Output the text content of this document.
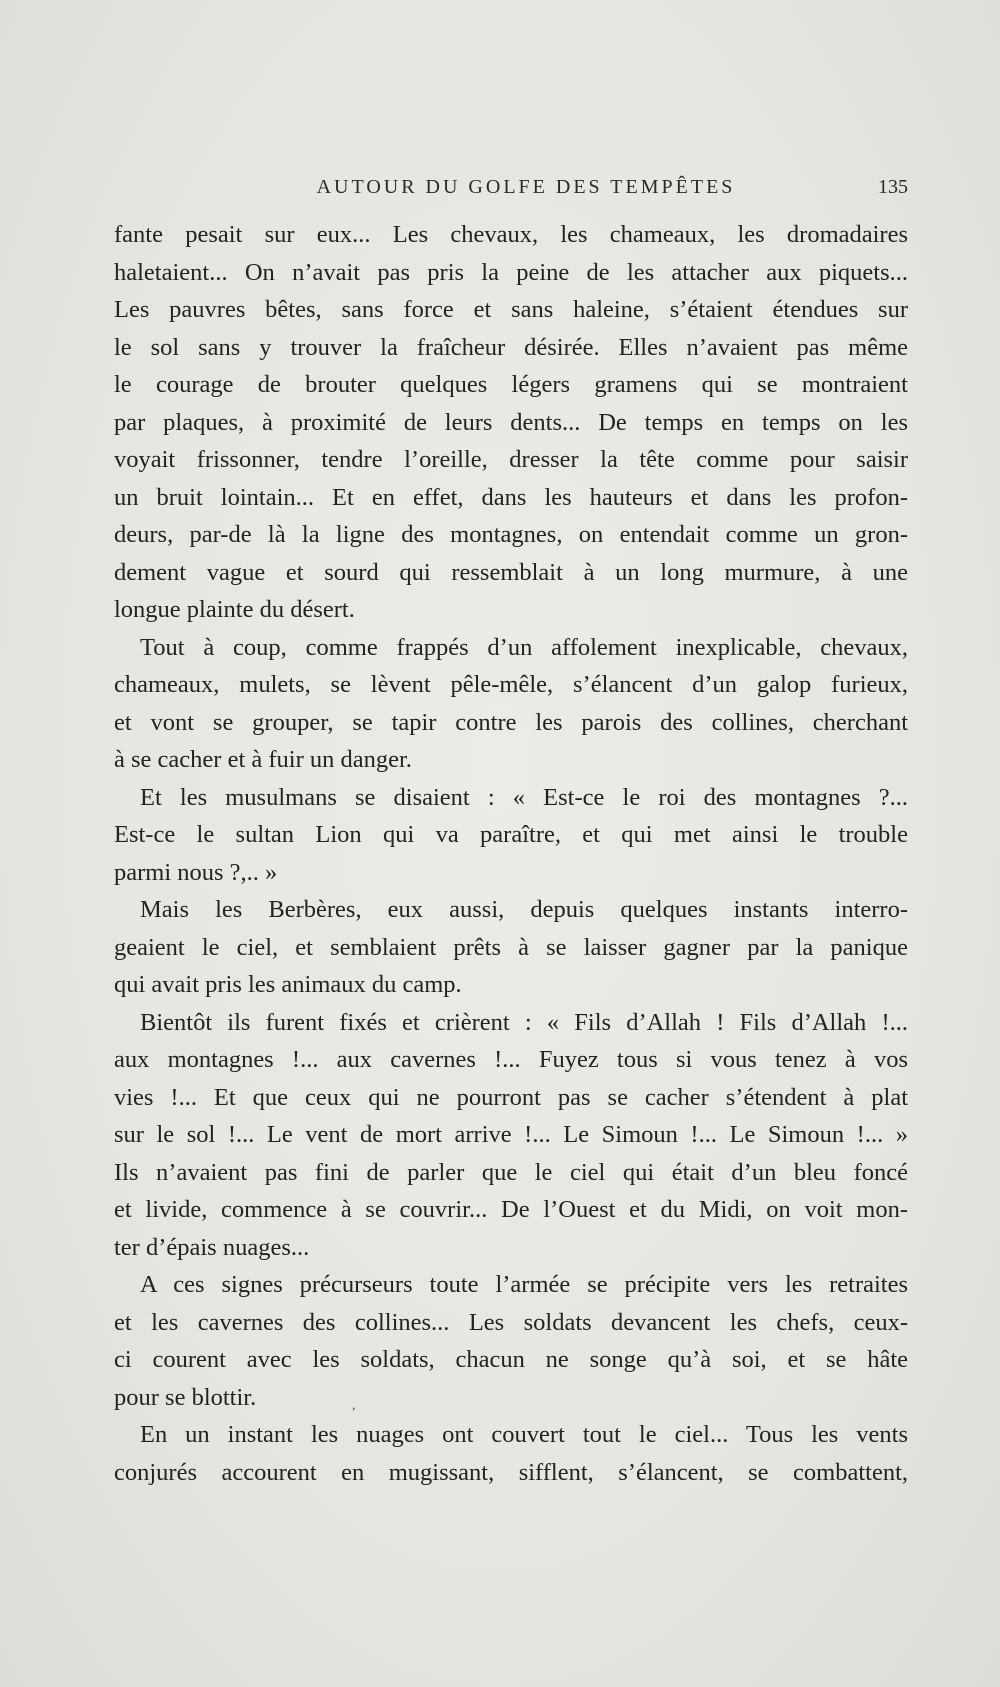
AUTOUR DU GOLFE DES TEMPÊTES	135
fante pesait sur eux... Les chevaux, les chameaux, les dromadaires
haletaient... On n’avait pas pris la peine de les attacher aux piquets...
Les pauvres bêtes, sans force et sans haleine, s’étaient étendues sur
le sol sans y trouver la fraîcheur désirée. Elles n’avaient pas même
le courage de brouter quelques légers gramens qui se montraient
par plaques, à proximité de leurs dents... De temps en temps on les
voyait frissonner, tendre l’oreille, dresser la tête comme pour saisir
un bruit lointain... Et en effet, dans les hauteurs et dans les profon-
deurs, par-de là la ligne des montagnes, on entendait comme un gron-
dement vague et sourd qui ressemblait à un long murmure, à une
longue plainte du désert.
Tout à coup, comme frappés d’un affolement inexplicable, chevaux,
chameaux, mulets, se lèvent pêle-mêle, s’élancent d’un galop furieux,
et vont se grouper, se tapir contre les parois des collines, cherchant
à se cacher et à fuir un danger.
Et les musulmans se disaient : « Est-ce le roi des montagnes ?...
Est-ce le sultan Lion qui va paraître, et qui met ainsi le trouble
parmi nous ?,.. »
Mais les Berbères, eux aussi, depuis quelques instants interro-
geaient le ciel, et semblaient prêts à se laisser gagner par la panique
qui avait pris les animaux du camp.
Bientôt ils furent fixés et crièrent : « Fils d’Allah ! Fils d’Allah !...
aux montagnes !... aux cavernes !... Fuyez tous si vous tenez à vos
vies !... Et que ceux qui ne pourront pas se cacher s’étendent à plat
sur le sol !... Le vent de mort arrive !... Le Simoun !... Le Simoun !... »
Ils n’avaient pas fini de parler que le ciel qui était d’un bleu foncé
et livide, commence à se couvrir... De l’Ouest et du Midi, on voit mon-
ter d’épais nuages...
A ces signes précurseurs toute l’armée se précipite vers les retraites
et les cavernes des collines... Les soldats devancent les chefs, ceux-
ci courent avec les soldats, chacun ne songe qu’à soi, et se hâte
pour se blottir.
En un instant les nuages ont couvert tout le ciel... Tous les vents
conjurés accourent en mugissant, sifflent, s’élancent, se combattent,
,
